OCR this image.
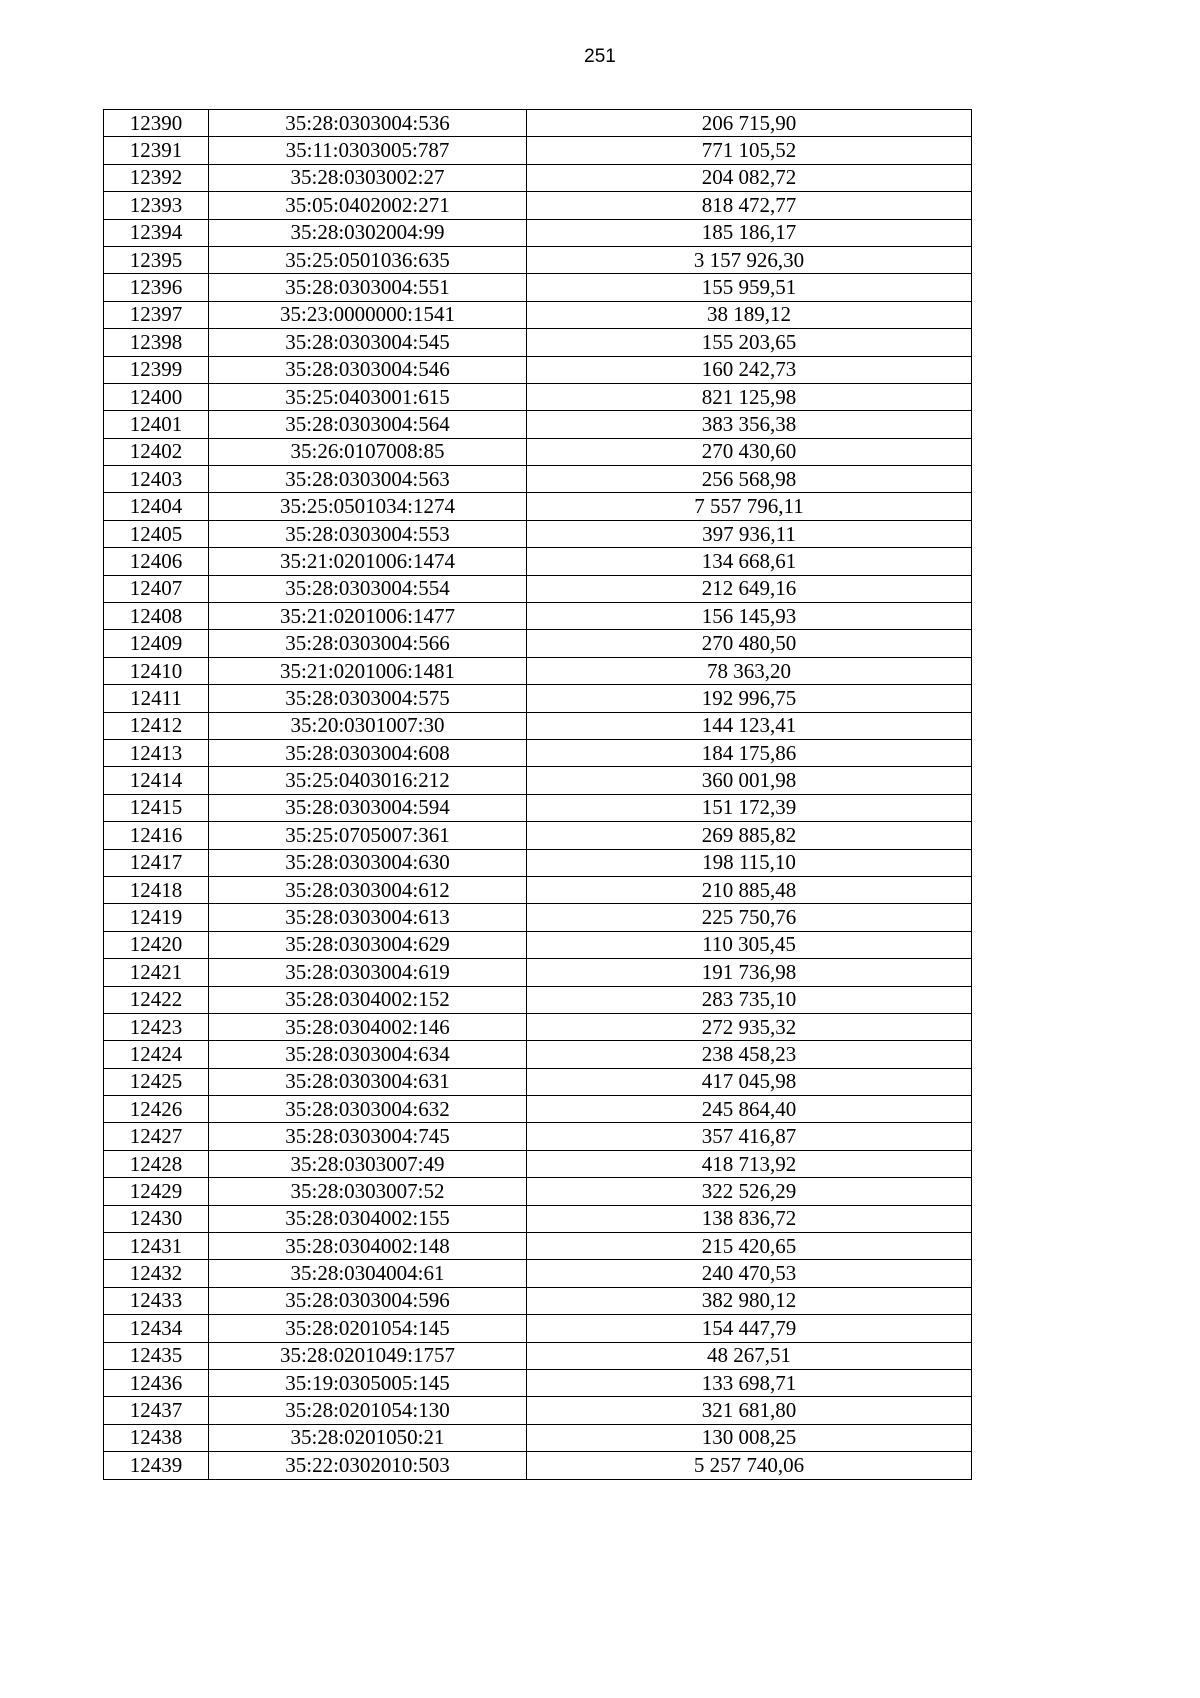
251
12390	35:28:0303004:536	206 715,90
12391	35:11:0303005:787	771 105,52
12392	35:28:0303002:27	204 082,72
12393	35:05:0402002:271	818 472,77
12394	35:28:0302004:99	185 186,17
12395	35:25:0501036:635	3 157 926,30
12396	35:28:0303004:551	155 959,51
12397	35:23:0000000:1541	38 189,12
12398	35:28:0303004:545	155 203,65
12399	35:28:0303004:546	160 242,73
12400	35:25:0403001:615	821 125,98
12401	35:28:0303004:564	383 356,38
12402	35:26:0107008:85	270 430,60
12403	35:28:0303004:563	256 568,98
12404	35:25:0501034:1274	7 557 796,11
12405	35:28:0303004:553	397 936,11
12406	35:21:0201006:1474	134 668,61
12407	35:28:0303004:554	212 649,16
12408	35:21:0201006:1477	156 145,93
12409	35:28:0303004:566	270 480,50
12410	35:21:0201006:1481	78 363,20
12411	35:28:0303004:575	192 996,75
12412	35:20:0301007:30	144 123,41
12413	35:28:0303004:608	184 175,86
12414	35:25:0403016:212	360 001,98
12415	35:28:0303004:594	151 172,39
12416	35:25:0705007:361	269 885,82
12417	35:28:0303004:630	198 115,10
12418	35:28:0303004:612	210 885,48
12419	35:28:0303004:613	225 750,76
12420	35:28:0303004:629	110 305,45
12421	35:28:0303004:619	191 736,98
12422	35:28:0304002:152	283 735,10
12423	35:28:0304002:146	272 935,32
12424	35:28:0303004:634	238 458,23
12425	35:28:0303004:631	417 045,98
12426	35:28:0303004:632	245 864,40
12427	35:28:0303004:745	357 416,87
12428	35:28:0303007:49	418 713,92
12429	35:28:0303007:52	322 526,29
12430	35:28:0304002:155	138 836,72
12431	35:28:0304002:148	215 420,65
12432	35:28:0304004:61	240 470,53
12433	35:28:0303004:596	382 980,12
12434	35:28:0201054:145	154 447,79
12435	35:28:0201049:1757	48 267,51
12436	35:19:0305005:145	133 698,71
12437	35:28:0201054:130	321 681,80
12438	35:28:0201050:21	130 008,25
12439	35:22:0302010:503	5 257 740,06
